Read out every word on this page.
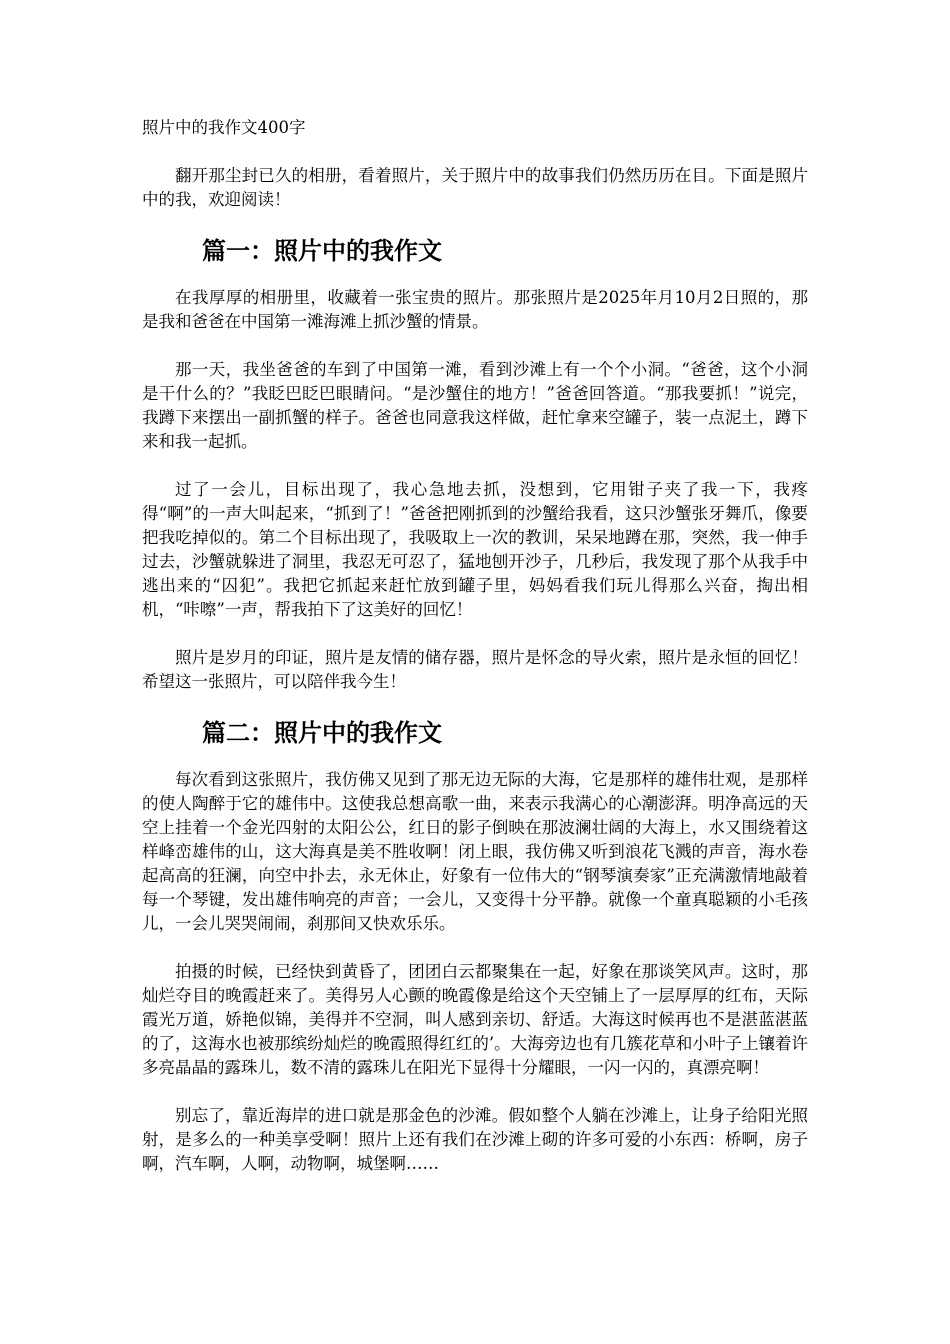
照片中的我作文400字

翻开那尘封已久的相册，看着照片，关于照片中的故事我们仍然历历在目。下面是照片中的我，欢迎阅读！

篇一：照片中的我作文

在我厚厚的相册里，收藏着一张宝贵的照片。那张照片是2025年月10月2日照的，那是我和爸爸在中国第一滩海滩上抓沙蟹的情景。

那一天，我坐爸爸的车到了中国第一滩，看到沙滩上有一个个小洞。“爸爸，这个小洞是干什么的？”我眨巴眨巴眼睛问。“是沙蟹住的地方！”爸爸回答道。“那我要抓！”说完，我蹲下来摆出一副抓蟹的样子。爸爸也同意我这样做，赶忙拿来空罐子，装一点泥土，蹲下来和我一起抓。

过了一会儿，目标出现了，我心急地去抓，没想到，它用钳子夹了我一下，我疼得“啊”的一声大叫起来，“抓到了！”爸爸把刚抓到的沙蟹给我看，这只沙蟹张牙舞爪，像要把我吃掉似的。第二个目标出现了，我吸取上一次的教训，呆呆地蹲在那，突然，我一伸手过去，沙蟹就躲进了洞里，我忍无可忍了，猛地刨开沙子，几秒后，我发现了那个从我手中逃出来的“囚犯”。我把它抓起来赶忙放到罐子里，妈妈看我们玩儿得那么兴奋，掏出相机，“咔嚓”一声，帮我拍下了这美好的回忆！

照片是岁月的印证，照片是友情的储存器，照片是怀念的导火索，照片是永恒的回忆！希望这一张照片，可以陪伴我今生！

篇二：照片中的我作文

每次看到这张照片，我仿佛又见到了那无边无际的大海，它是那样的雄伟壮观，是那样的使人陶醉于它的雄伟中。这使我总想高歌一曲，来表示我满心的心潮澎湃。明净高远的天空上挂着一个金光四射的太阳公公，红日的影子倒映在那波澜壮阔的大海上，水又围绕着这样峰峦雄伟的山，这大海真是美不胜收啊！闭上眼，我仿佛又听到浪花飞溅的声音，海水卷起高高的狂澜，向空中扑去，永无休止，好象有一位伟大的“钢琴演奏家”正充满激情地敲着每一个琴键，发出雄伟响亮的声音；一会儿，又变得十分平静。就像一个童真聪颖的小毛孩儿，一会儿哭哭闹闹，刹那间又快欢乐乐。

拍摄的时候，已经快到黄昏了，团团白云都聚集在一起，好象在那谈笑风声。这时，那灿烂夺目的晚霞赶来了。美得另人心颤的晚霞像是给这个天空铺上了一层厚厚的红布，天际霞光万道，娇艳似锦，美得并不空洞，叫人感到亲切、舒适。大海这时候再也不是湛蓝湛蓝的了，这海水也被那缤纷灿烂的晚霞照得红红的’。大海旁边也有几簇花草和小叶子上镶着许多亮晶晶的露珠儿，数不清的露珠儿在阳光下显得十分耀眼，一闪一闪的，真漂亮啊！

别忘了，靠近海岸的进口就是那金色的沙滩。假如整个人躺在沙滩上，让身子给阳光照射，是多么的一种美享受啊！照片上还有我们在沙滩上砌的许多可爱的小东西：桥啊，房子啊，汽车啊，人啊，动物啊，城堡啊……
